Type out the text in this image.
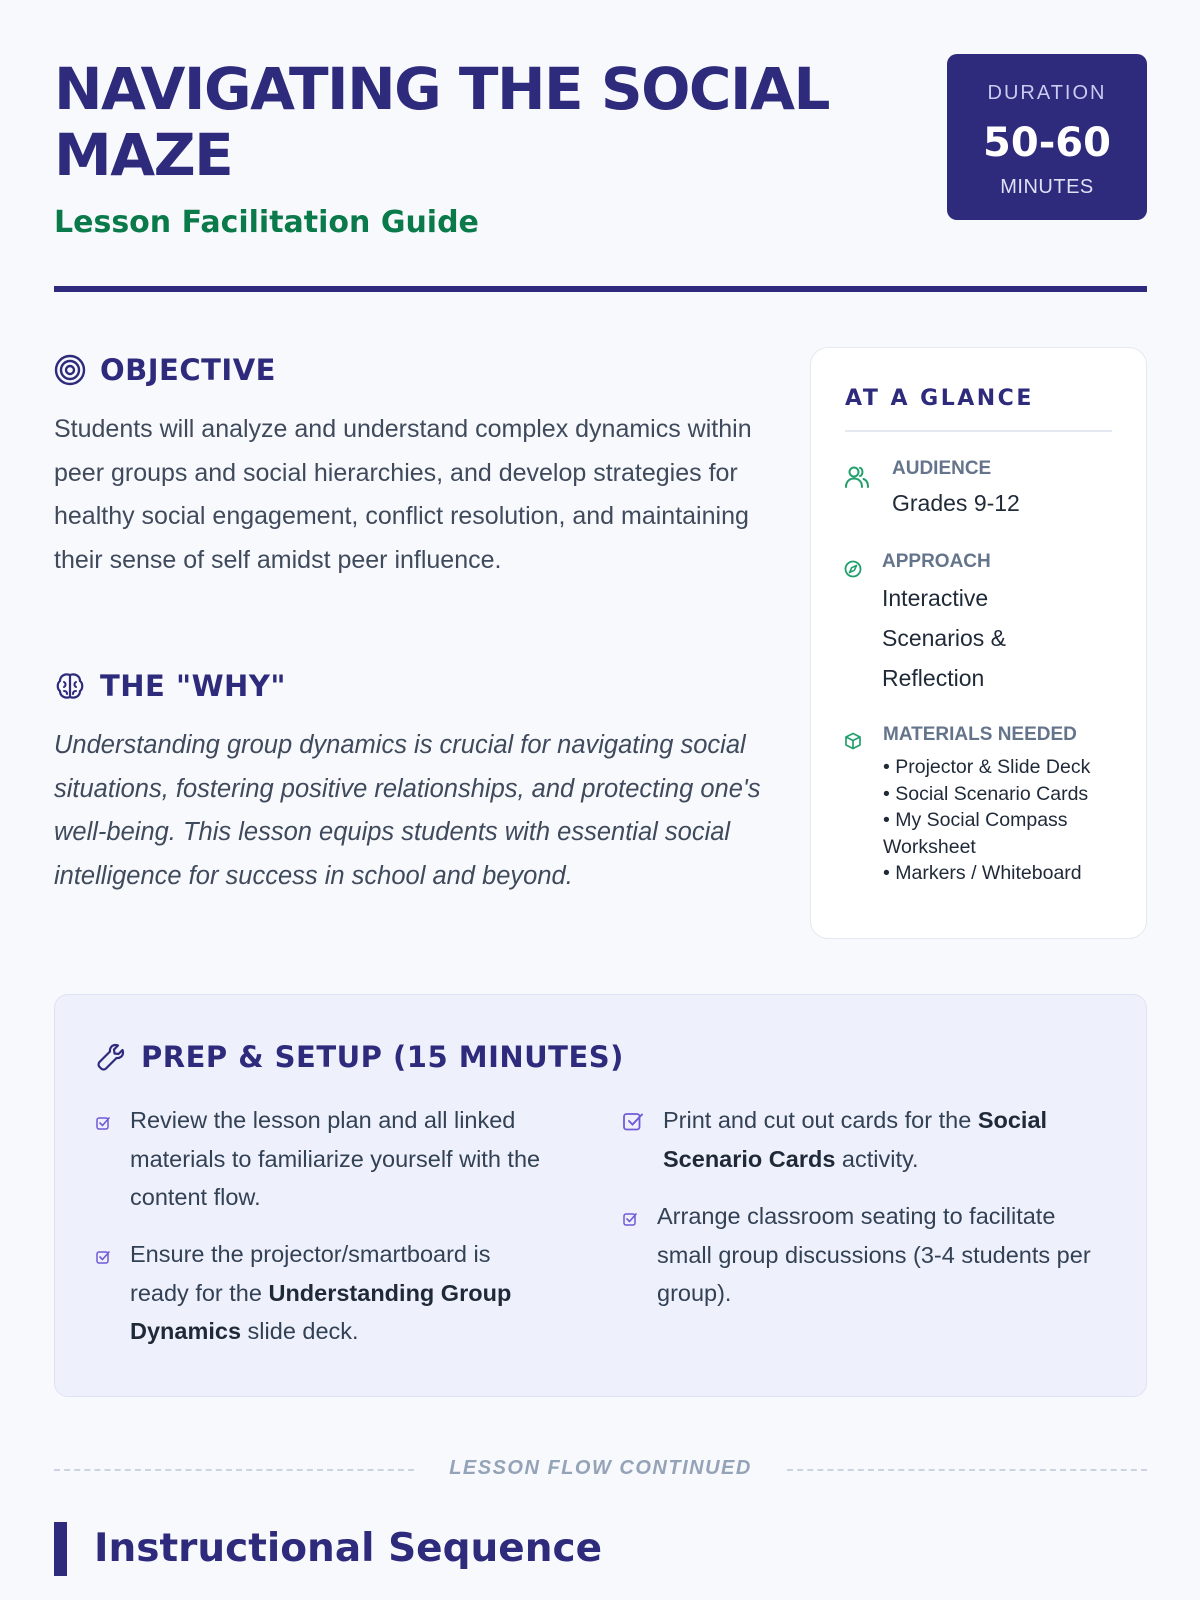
NAVIGATING THE SOCIAL MAZE
Lesson Facilitation Guide
DURATION
50-60
MINUTES
OBJECTIVE

Students will analyze and understand complex dynamics within peer groups and social hierarchies, and develop strategies for healthy social engagement, conflict resolution, and maintaining their sense of self amidst peer influence.

THE "WHY"

Understanding group dynamics is crucial for navigating social situations, fostering positive relationships, and protecting one's well-being. This lesson equips students with essential social intelligence for success in school and beyond.

AT A GLANCE
AUDIENCE
Grades 9-12
APPROACH
Interactive Scenarios & Reflection
MATERIALS NEEDED
• Projector & Slide Deck
• Social Scenario Cards
• My Social Compass Worksheet
• Markers / Whiteboard
PREP & SETUP (15 MINUTES)
Review the lesson plan and all linked materials to familiarize yourself with the content flow.
Ensure the projector/smartboard is ready for the Understanding Group Dynamics slide deck.
Print and cut out cards for the Social Scenario Cards activity.
Arrange classroom seating to facilitate small group discussions (3-4 students per group).
LESSON FLOW CONTINUED
Instructional Sequence
